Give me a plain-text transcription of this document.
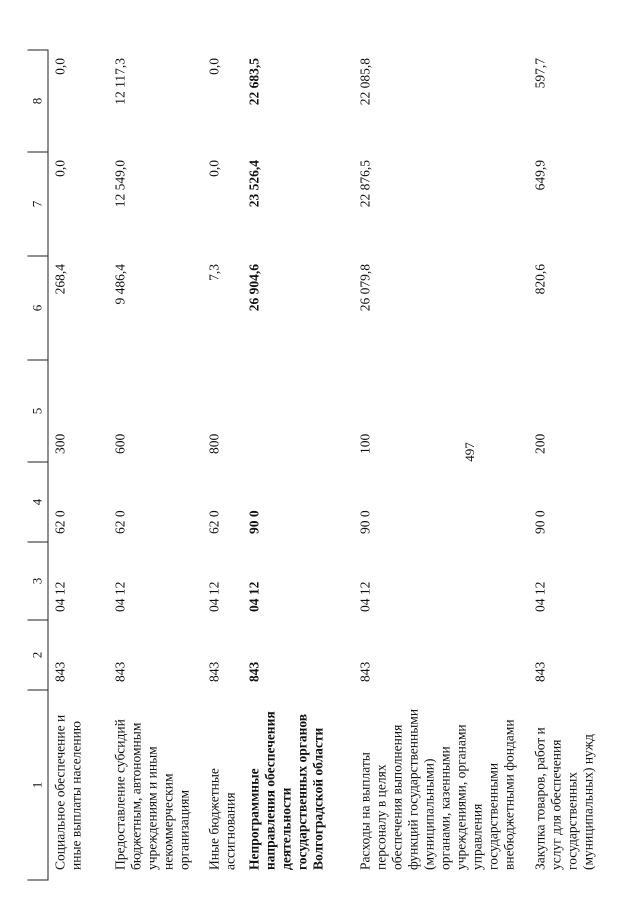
497
1	2	3	4	5	6	7	8
Социальное обеспечение и иные выплаты населению	843	04 12	62 0	300	268,4	0,0	0,0
Предоставление субсидий бюджетным, автономным учреждениям и иным некоммерческим организациям	843	04 12	62 0	600	9 486,4	12 549,0	12 117,3
Иные бюджетные ассигнования	843	04 12	62 0	800	7,3	0,0	0,0
Непрограммные направления обеспечения деятельности государственных органов Волгоградской области	843	04 12	90 0		26 904,6	23 526,4	22 683,5
Расходы на выплаты персоналу в целях обеспечения выполнения функций государственными (муниципальными) органами, казенными учреждениями, органами управления государственными внебюджетными фондами	843	04 12	90 0	100	26 079,8	22 876,5	22 085,8
Закупка товаров, работ и услуг для обеспечения государственных (муниципальных) нужд	843	04 12	90 0	200	820,6	649,9	597,7
